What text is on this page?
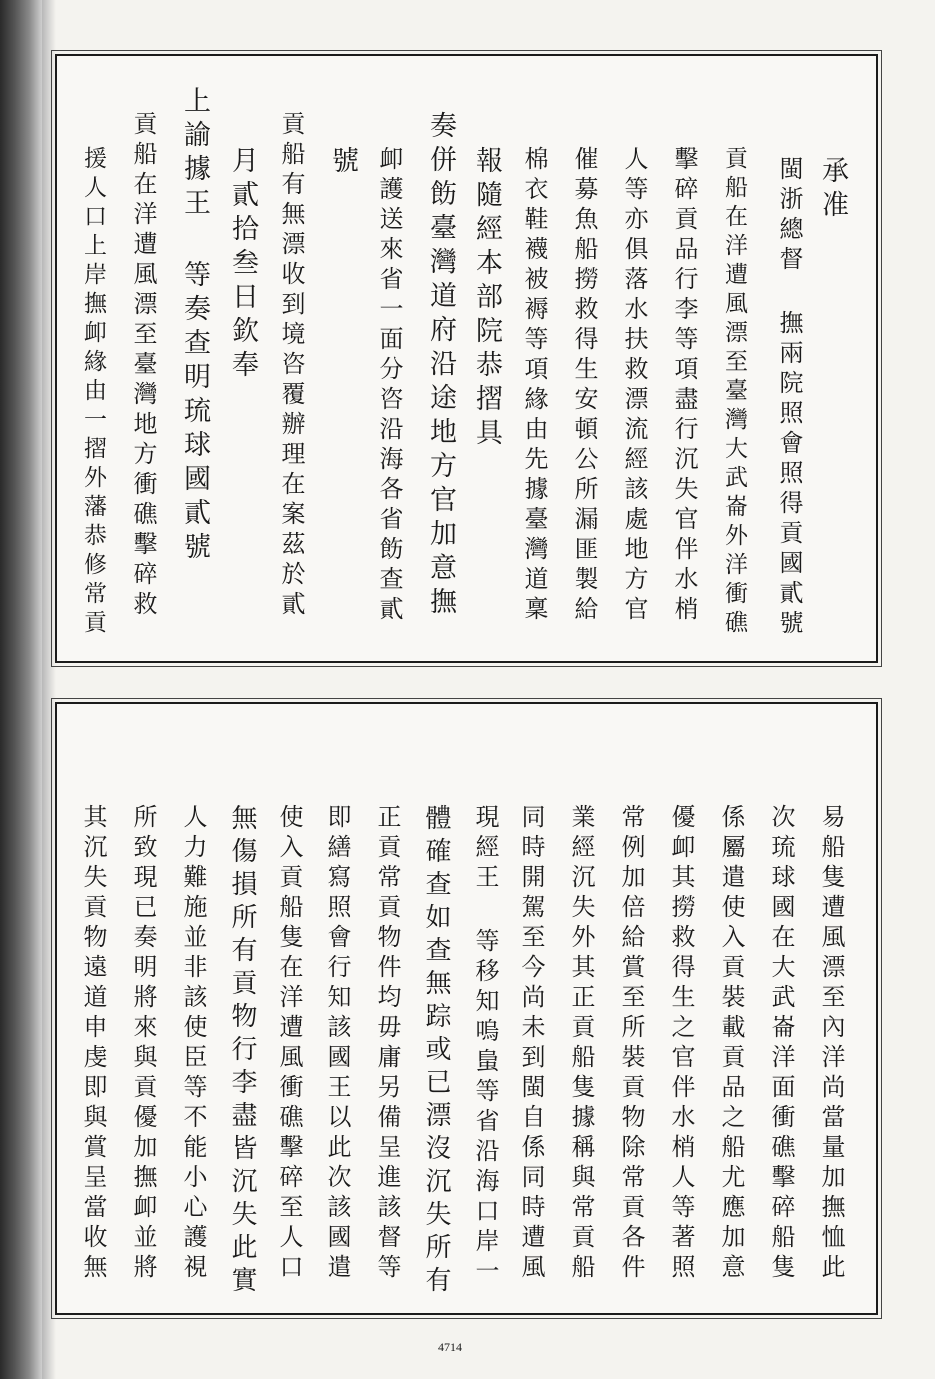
承准
閩浙總督 撫兩院照會照得貢國貳號
貢船在洋遭風漂至臺灣大武崙外洋衝礁
擊碎貢品行李等項盡行沉失官伴水梢
人等亦俱落水扶救漂流經該處地方官
催募魚船撈救得生安頓公所漏匪製給
棉衣鞋襪被褥等項緣由先據臺灣道稟
報隨經本部院恭摺具
奏併飭臺灣道府沿途地方官加意撫
卹護送來省一面分咨沿海各省飭查貳
號
貢船有無漂收到境咨覆辦理在案茲於貳
月貳拾叁日欽奉
上諭據王 等奏查明琉球國貳號
貢船在洋遭風漂至臺灣地方衝礁擊碎救
援人口上岸撫卹緣由一摺外藩恭修常貢
易船隻遭風漂至內洋尚當量加撫恤此
次琉球國在大武崙洋面衝礁擊碎船隻
係屬遣使入貢裝載貢品之船尤應加意
優卹其撈救得生之官伴水梢人等著照
常例加倍給賞至所裝貢物除常貢各件
業經沉失外其正貢船隻據稱與常貢船
同時開駕至今尚未到閩自係同時遭風
現經王 等移知嗚蛗等省沿海口岸一
體確查如查無踪或已漂沒沉失所有
正貢常貢物件均毋庸另備呈進該督等
即繕寫照會行知該國王以此次該國遣
使入貢船隻在洋遭風衝礁擊碎至人口
無傷損所有貢物行李盡皆沉失此實
人力難施並非該使臣等不能小心護視
所致現已奏明將來與貢優加撫卹並將
其沉失貢物遠道申虔即與賞呈當收無
4714
